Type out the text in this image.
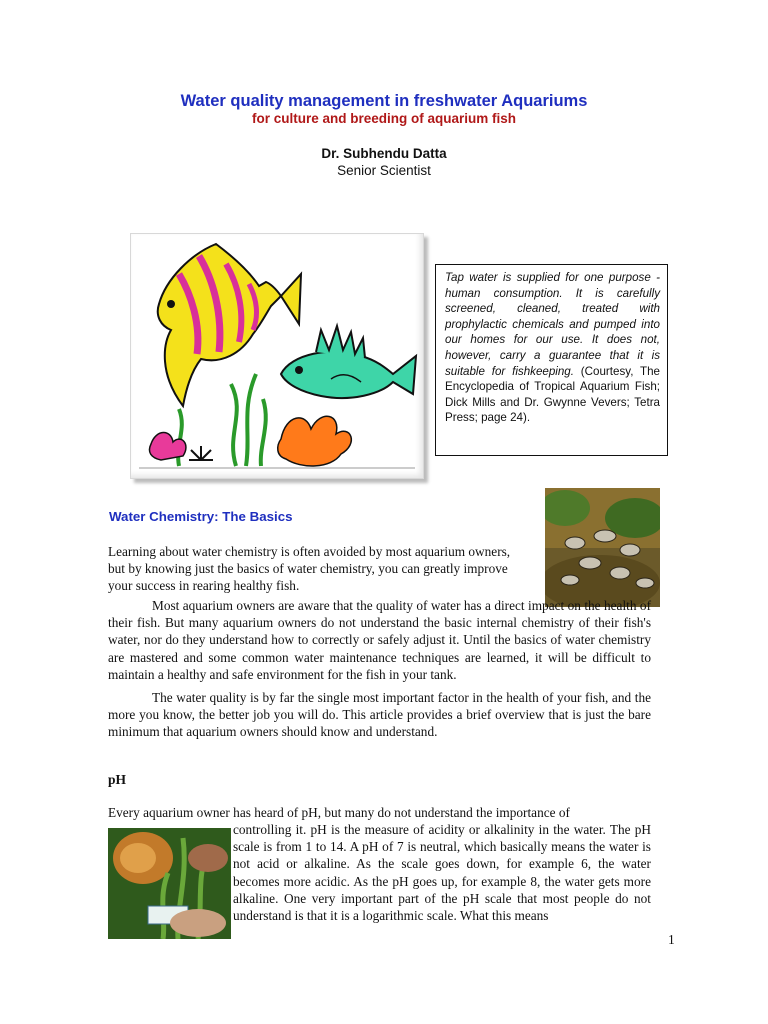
Water quality management in freshwater Aquariums
for culture and breeding of aquarium fish
Dr. Subhendu Datta
Senior Scientist
Tap water is supplied for one purpose - human consumption. It is carefully screened, cleaned, treated with prophylactic chemicals and pumped into our homes for our use. It does not, however, carry a guarantee that it is suitable for fishkeeping. (Courtesy, The Encyclopedia of Tropical Aquarium Fish; Dick Mills and Dr. Gwynne Vevers; Tetra Press; page 24).
Water Chemistry: The Basics

Learning about water chemistry is often avoided by most aquarium owners, but by knowing just the basics of water chemistry, you can greatly improve your success in rearing healthy fish.

Most aquarium owners are aware that the quality of water has a direct impact on the health of their fish. But many aquarium owners do not understand the basic internal chemistry of their fish's water, nor do they understand how to correctly or safely adjust it. Until the basics of water chemistry are mastered and some common water maintenance techniques are learned, it will be difficult to maintain a healthy and safe environment for the fish in your tank.

The water quality is by far the single most important factor in the health of your fish, and the more you know, the better job you will do. This article provides a brief overview that is just the bare minimum that aquarium owners should know and understand.

pH

Every aquarium owner has heard of pH, but many do not understand the importance of

controlling it. pH is the measure of acidity or alkalinity in the water. The pH scale is from 1 to 14. A pH of 7 is neutral, which basically means the water is not acid or alkaline. As the scale goes down, for example 6, the water becomes more acidic. As the pH goes up, for example 8, the water gets more alkaline. One very important part of the pH scale that most people do not understand is that it is a logarithmic scale. What this means

1
